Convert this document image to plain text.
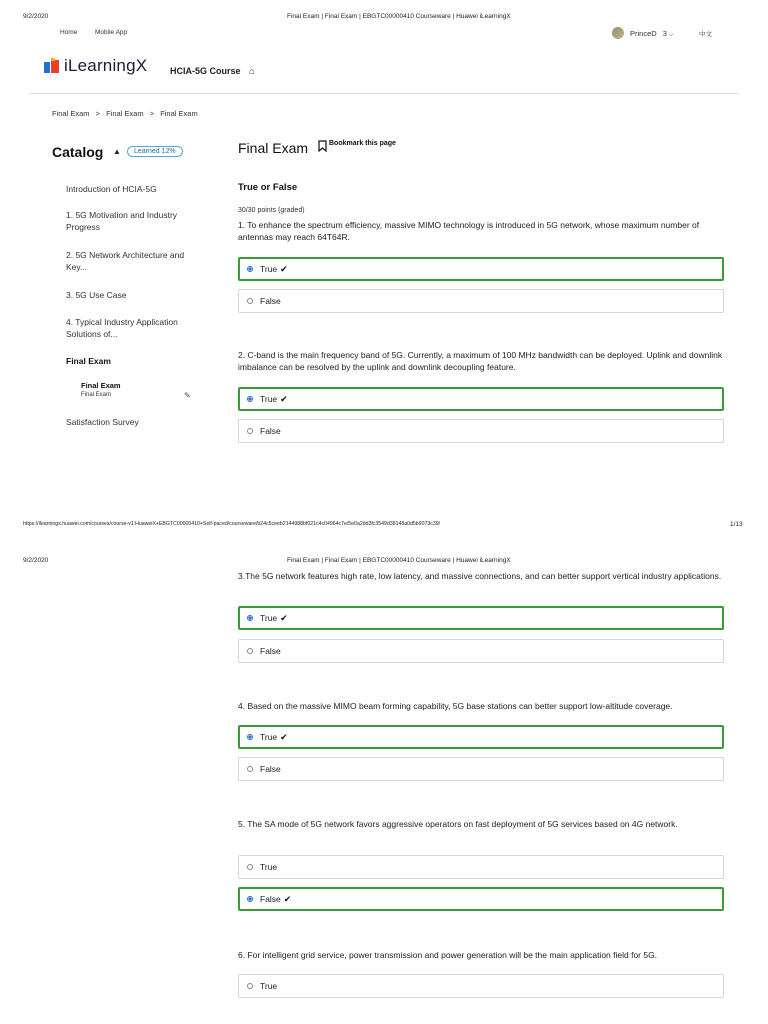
9/2/2020	Final Exam | Final Exam | EBGTC00000410 Courseware | Huawei iLearningX
Home	Mobile App	PrinceD 3 ⌵	中文
iLearningX	HCIA-5G Course ⌂
Final Exam > Final Exam > Final Exam
Catalog ▲	Learned 12%
Introduction of HCIA-5G
1. 5G Motivation and Industry Progress
2. 5G Network Architecture and Key...
3. 5G Use Case
4. Typical Industry Application Solutions of...
Final Exam
Final Exam
Final Exam	✎
Satisfaction Survey
Final Exam	Bookmark this page
True or False
30/30 points (graded)
1. To enhance the spectrum efficiency, massive MIMO technology is introduced in 5G network, whose maximum number of antennas may reach 64T64R.
True ✔
False
2. C-band is the main frequency band of 5G. Currently, a maximum of 100 MHz bandwidth can be deployed. Uplink and downlink imbalance can be resolved by the uplink and downlink decoupling feature.
True ✔
False
https://ilearningx.huawei.com/courses/course-v1:HuaweiX+EBGTC00000410+Self-paced/courseware/b24c5ceeb2144988bf021c4c04964c7e/5e0a2dd3fc3549d38148a0d5b9073c39/	1/13
9/2/2020	Final Exam | Final Exam | EBGTC00000410 Courseware | Huawei iLearningX
3.The 5G network features high rate, low latency, and massive connections, and can better support vertical industry applications.
True ✔
False
4. Based on the massive MIMO beam forming capability, 5G base stations can better support low-altitude coverage.
True ✔
False
5. The SA mode of 5G network favors aggressive operators on fast deployment of 5G services based on 4G network.
True
False ✔
6. For intelligent grid service, power transmission and power generation will be the main application field for 5G.
True
